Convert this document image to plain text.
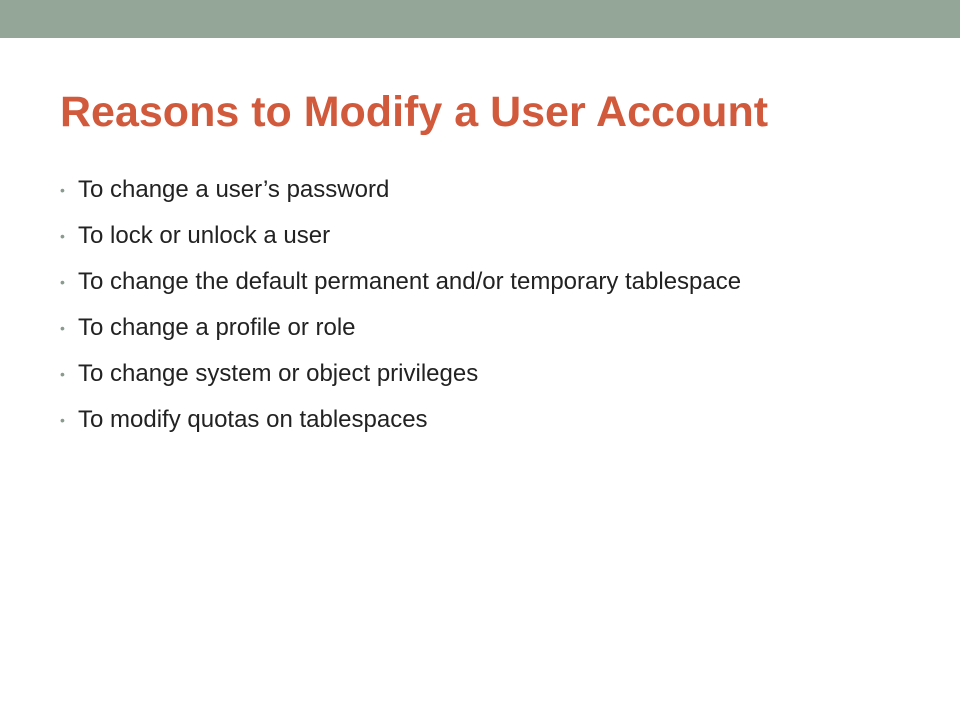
Reasons to Modify a User Account
• To change a user’s password
• To lock or unlock a user
• To change the default permanent and/or temporary tablespace
• To change a profile or role
• To change system or object privileges
• To modify quotas on tablespaces
